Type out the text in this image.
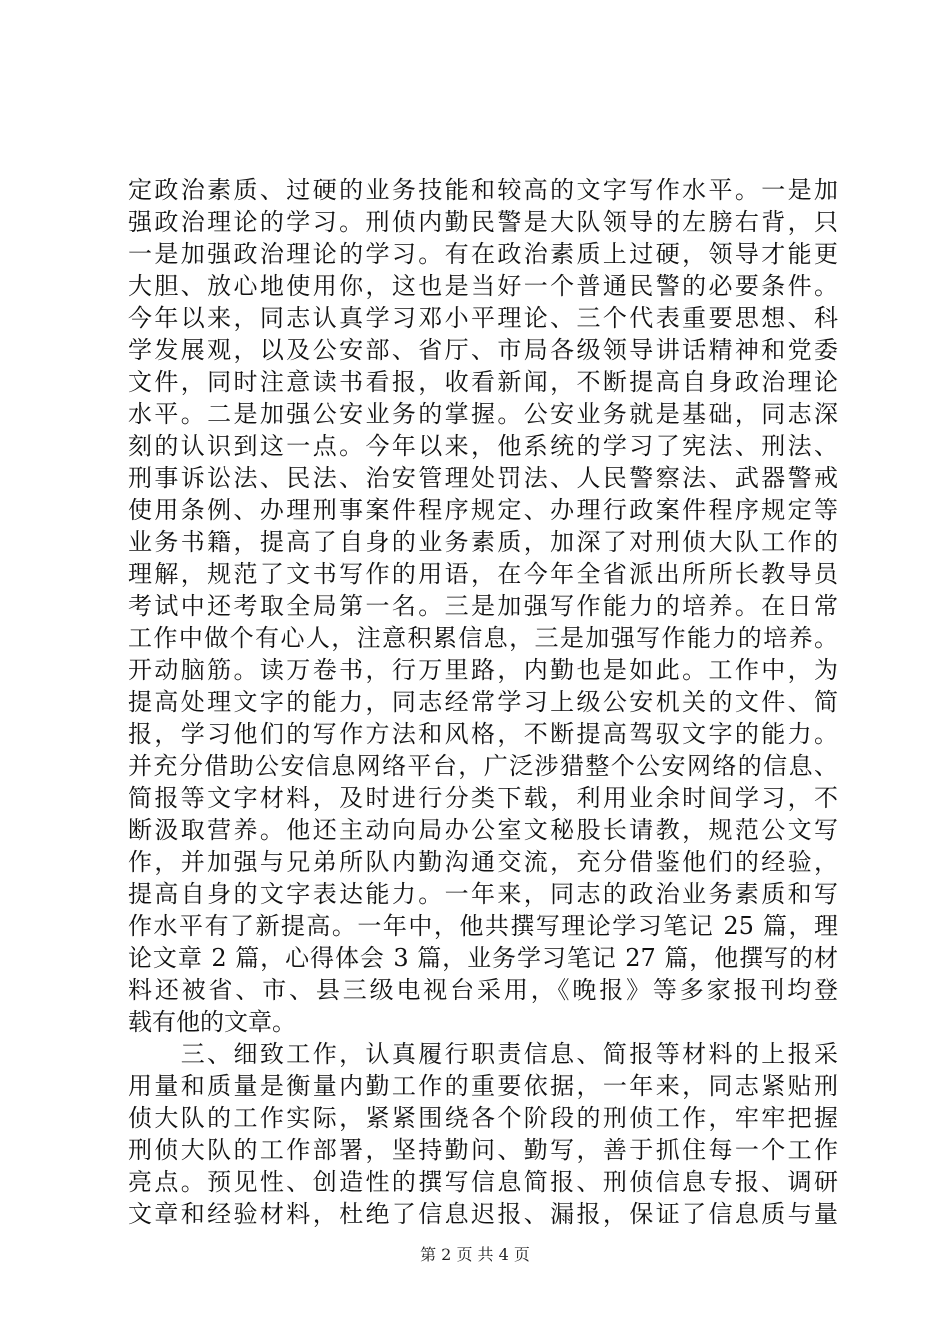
定政治素质、过硬的业务技能和较高的文字写作水平。一是加
强政治理论的学习。刑侦内勤民警是大队领导的左膀右背，只
一是加强政治理论的学习。有在政治素质上过硬，领导才能更
大胆、放心地使用你，这也是当好一个普通民警的必要条件。
今年以来，同志认真学习邓小平理论、三个代表重要思想、科
学发展观，以及公安部、省厅、市局各级领导讲话精神和党委
文件，同时注意读书看报，收看新闻，不断提高自身政治理论
水平。二是加强公安业务的掌握。公安业务就是基础，同志深
刻的认识到这一点。今年以来，他系统的学习了宪法、刑法、
刑事诉讼法、民法、治安管理处罚法、人民警察法、武器警戒
使用条例、办理刑事案件程序规定、办理行政案件程序规定等
业务书籍，提高了自身的业务素质，加深了对刑侦大队工作的
理解，规范了文书写作的用语，在今年全省派出所所长教导员
考试中还考取全局第一名。三是加强写作能力的培养。在日常
工作中做个有心人，注意积累信息，三是加强写作能力的培养。
开动脑筋。读万卷书，行万里路，内勤也是如此。工作中，为
提高处理文字的能力，同志经常学习上级公安机关的文件、简
报，学习他们的写作方法和风格，不断提高驾驭文字的能力。
并充分借助公安信息网络平台，广泛涉猎整个公安网络的信息、
简报等文字材料，及时进行分类下载，利用业余时间学习，不
断汲取营养。他还主动向局办公室文秘股长请教，规范公文写
作，并加强与兄弟所队内勤沟通交流，充分借鉴他们的经验，
提高自身的文字表达能力。一年来，同志的政治业务素质和写
作水平有了新提高。一年中，他共撰写理论学习笔记 25 篇，理
论文章 2 篇，心得体会 3 篇，业务学习笔记 27 篇，他撰写的材
料还被省、市、县三级电视台采用，《晚报》等多家报刊均登
载有他的文章。
　　三、细致工作，认真履行职责信息、简报等材料的上报采
用量和质量是衡量内勤工作的重要依据，一年来，同志紧贴刑
侦大队的工作实际，紧紧围绕各个阶段的刑侦工作，牢牢把握
刑侦大队的工作部署，坚持勤问、勤写，善于抓住每一个工作
亮点。预见性、创造性的撰写信息简报、刑侦信息专报、调研
文章和经验材料，杜绝了信息迟报、漏报，保证了信息质与量
第 2 页 共 4 页
